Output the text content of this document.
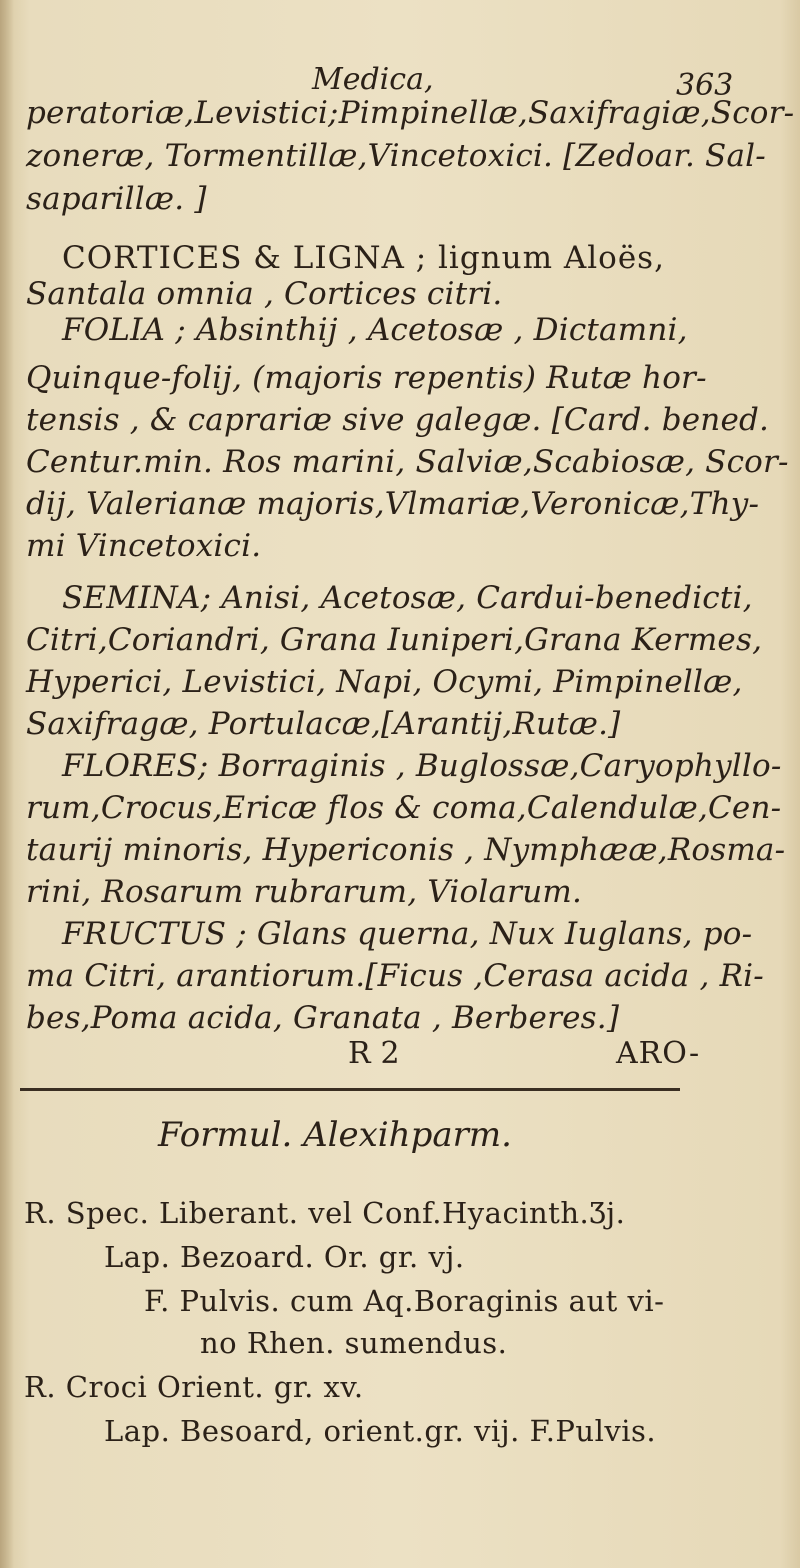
Medica,	363
peratoriæ,Levistici;Pimpinellæ,Saxifragiæ,Scor-
zoneræ, Tormentillæ,Vincetoxici. [Zedoar. Sal-
saparillæ. ]
CORTICES & LIGNA ; lignum Aloës,
Santala omnia , Cortices citri.
FOLIA ; Absinthij , Acetosæ , Dictamni,
Quinque-folij, (majoris repentis) Rutæ hor-
tensis , & caprariæ sive galegæ. [Card. bened.
Centur.min. Ros marini, Salviæ,Scabiosæ, Scor-
dij, Valerianæ majoris,Vlmariæ,Veronicæ,Thy-
mi Vincetoxici.
SEMINA; Anisi, Acetosæ, Cardui-benedicti,
Citri,Coriandri, Grana Iuniperi,Grana Kermes,
Hyperici, Levistici, Napi, Ocymi, Pimpinellæ,
Saxifragæ, Portulacæ,[Arantij,Rutæ.]
FLORES; Borraginis , Buglossæ,Caryophyllo-
rum,Crocus,Ericæ flos & coma,Calendulæ,Cen-
taurij minoris, Hypericonis , Nymphææ,Rosma-
rini, Rosarum rubrarum, Violarum.
FRUCTUS ; Glans querna, Nux Iuglans, po-
ma Citri, arantiorum.[Ficus ,Cerasa acida , Ri-
bes,Poma acida, Granata , Berberes.]
R 2	ARO-
Formul. Alexihparm.
R. Spec. Liberant. vel Conf.Hyacinth.Ʒj.
Lap. Bezoard. Or. gr. vj.
F. Pulvis. cum Aq.Boraginis aut vi-
no Rhen. sumendus.
R. Croci Orient. gr. xv.
Lap. Besoard, orient.gr. vij. F.Pulvis.
